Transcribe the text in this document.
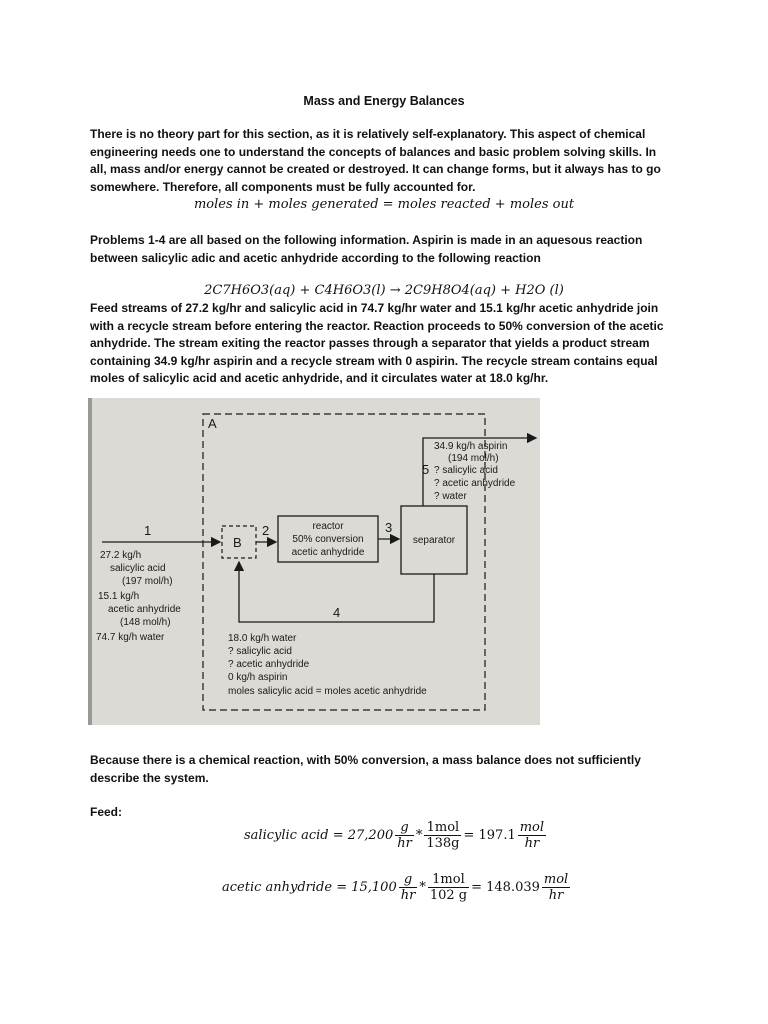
Mass and Energy Balances
There is no theory part for this section, as it is relatively self-explanatory. This aspect of chemical engineering needs one to understand the concepts of balances and basic problem solving skills. In all, mass and/or energy cannot be created or destroyed. It can change forms, but it always has to go somewhere. Therefore, all components must be fully accounted for.
moles in + moles generated = moles reacted + moles out
Problems 1-4 are all based on the following information. Aspirin is made in an aquesous reaction between salicylic adic and acetic anhydride according to the following reaction
2C7H6O3(aq) + C4H6O3(l) → 2C9H8O4(aq) + H2O (l)
Feed streams of 27.2 kg/hr and salicylic acid in 74.7 kg/hr water and 15.1 kg/hr acetic anhydride join with a recycle stream before entering the reactor. Reaction proceeds to 50% conversion of the acetic anhydride. The stream exiting the reactor passes through a separator that yields a product stream containing 34.9 kg/hr aspirin and a recycle stream with 0 aspirin. The recycle stream contains equal moles of salicylic acid and acetic anhydride, and it circulates water at 18.0 kg/hr.
A
B
reactor
50% conversion
acetic anhydride
separator
1	2	3
5
4
27.2 kg/h
salicylic acid
(197 mol/h)
15.1 kg/h
acetic anhydride
(148 mol/h)
74.7 kg/h water
34.9 kg/h aspirin
(194 mol/h)
? salicylic acid
? acetic anhydride
? water
18.0 kg/h water
? salicylic acid
? acetic anhydride
0 kg/h aspirin
moles salicylic acid = moles acetic anhydride
Because there is a chemical reaction, with 50% conversion, a mass balance does not sufficiently describe the system.
Feed:
salicylic acid = $27,200 \frac{g}{hr} * \frac{\text{1mol}}{138g} = 197.1 \frac{\text{mol}}{hr}$
acetic anhydride = $15,100 \frac{g}{hr} * \frac{\text{1mol}}{102 g} = 148.039 \frac{\text{mol}}{hr}$
